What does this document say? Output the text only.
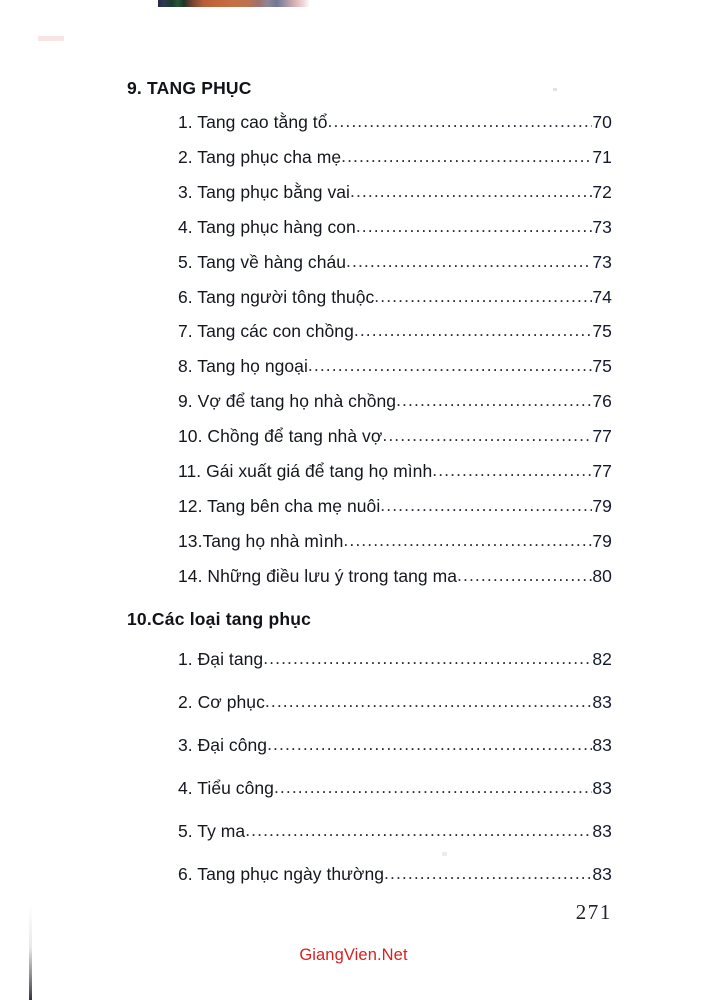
9. TANG PHỤC
10.Các loại tang phục
1. Tang cao tằng tổ .....	70
2. Tang phục cha mẹ .....	71
3. Tang phục bằng vai .....	72
4. Tang phục hàng con .....	73
5. Tang về hàng cháu .....	73
6. Tang người tông thuộc .....	74
7. Tang các con chồng .....	75
8. Tang họ ngoại .....	75
9. Vợ để tang họ nhà chồng .....	76
10. Chồng để tang nhà vợ .....	77
11. Gái xuất giá để tang họ mình .....	77
12. Tang bên cha mẹ nuôi .....	79
13.Tang họ nhà mình .....	79
14. Những điều lưu ý trong tang ma .....	80
1. Đại tang .....	82
2. Cơ phục .....	83
3. Đại công .....	83
4. Tiểu công .....	83
5. Ty ma .....	83
6. Tang phục ngày thường .....	83
271
GiangVien.Net
